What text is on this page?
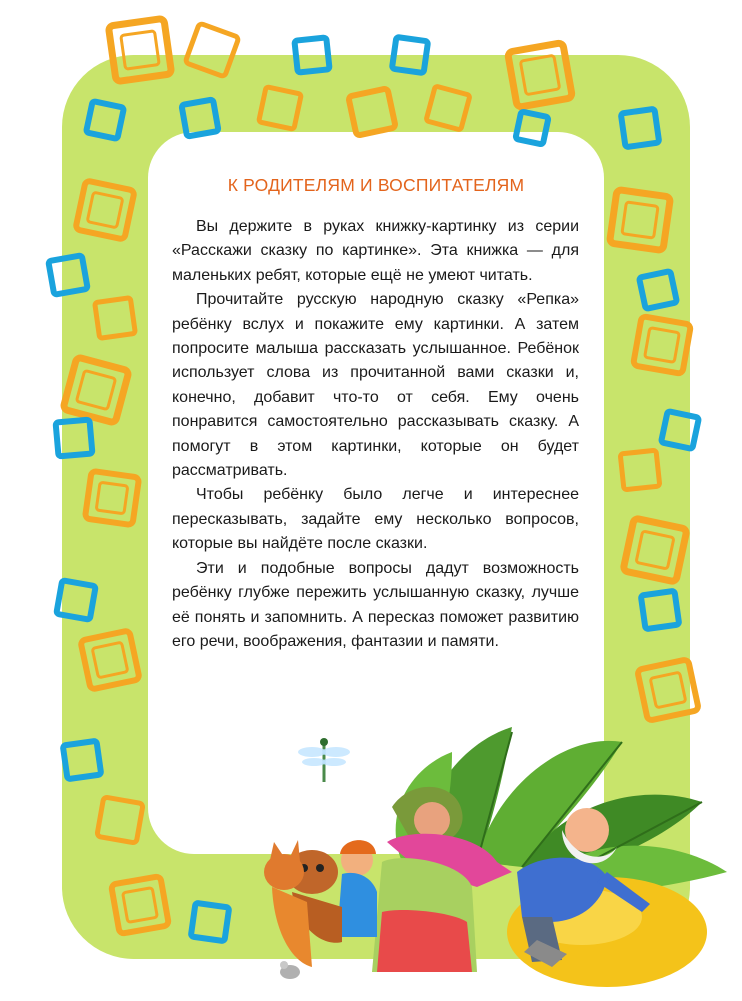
К РОДИТЕЛЯМ И ВОСПИТАТЕЛЯМ

Вы держите в руках книжку-картинку из серии «Расскажи сказку по картинке». Эта книжка — для маленьких ребят, которые ещё не умеют читать.

Прочитайте русскую народную сказку «Репка» ребёнку вслух и покажите ему картинки. А затем попросите малыша рассказать услышанное. Ребёнок использует слова из прочитанной вами сказки и, конечно, добавит что-то от себя. Ему очень понравится самостоятельно рассказывать сказку. А помогут в этом картинки, которые он будет рассматривать.

Чтобы ребёнку было легче и интереснее пересказывать, задайте ему несколько вопросов, которые вы найдёте после сказки.

Эти и подобные вопросы дадут возможность ребёнку глубже пережить услышанную сказку, лучше её понять и запомнить. А пересказ поможет развитию его речи, воображения, фантазии и памяти.
